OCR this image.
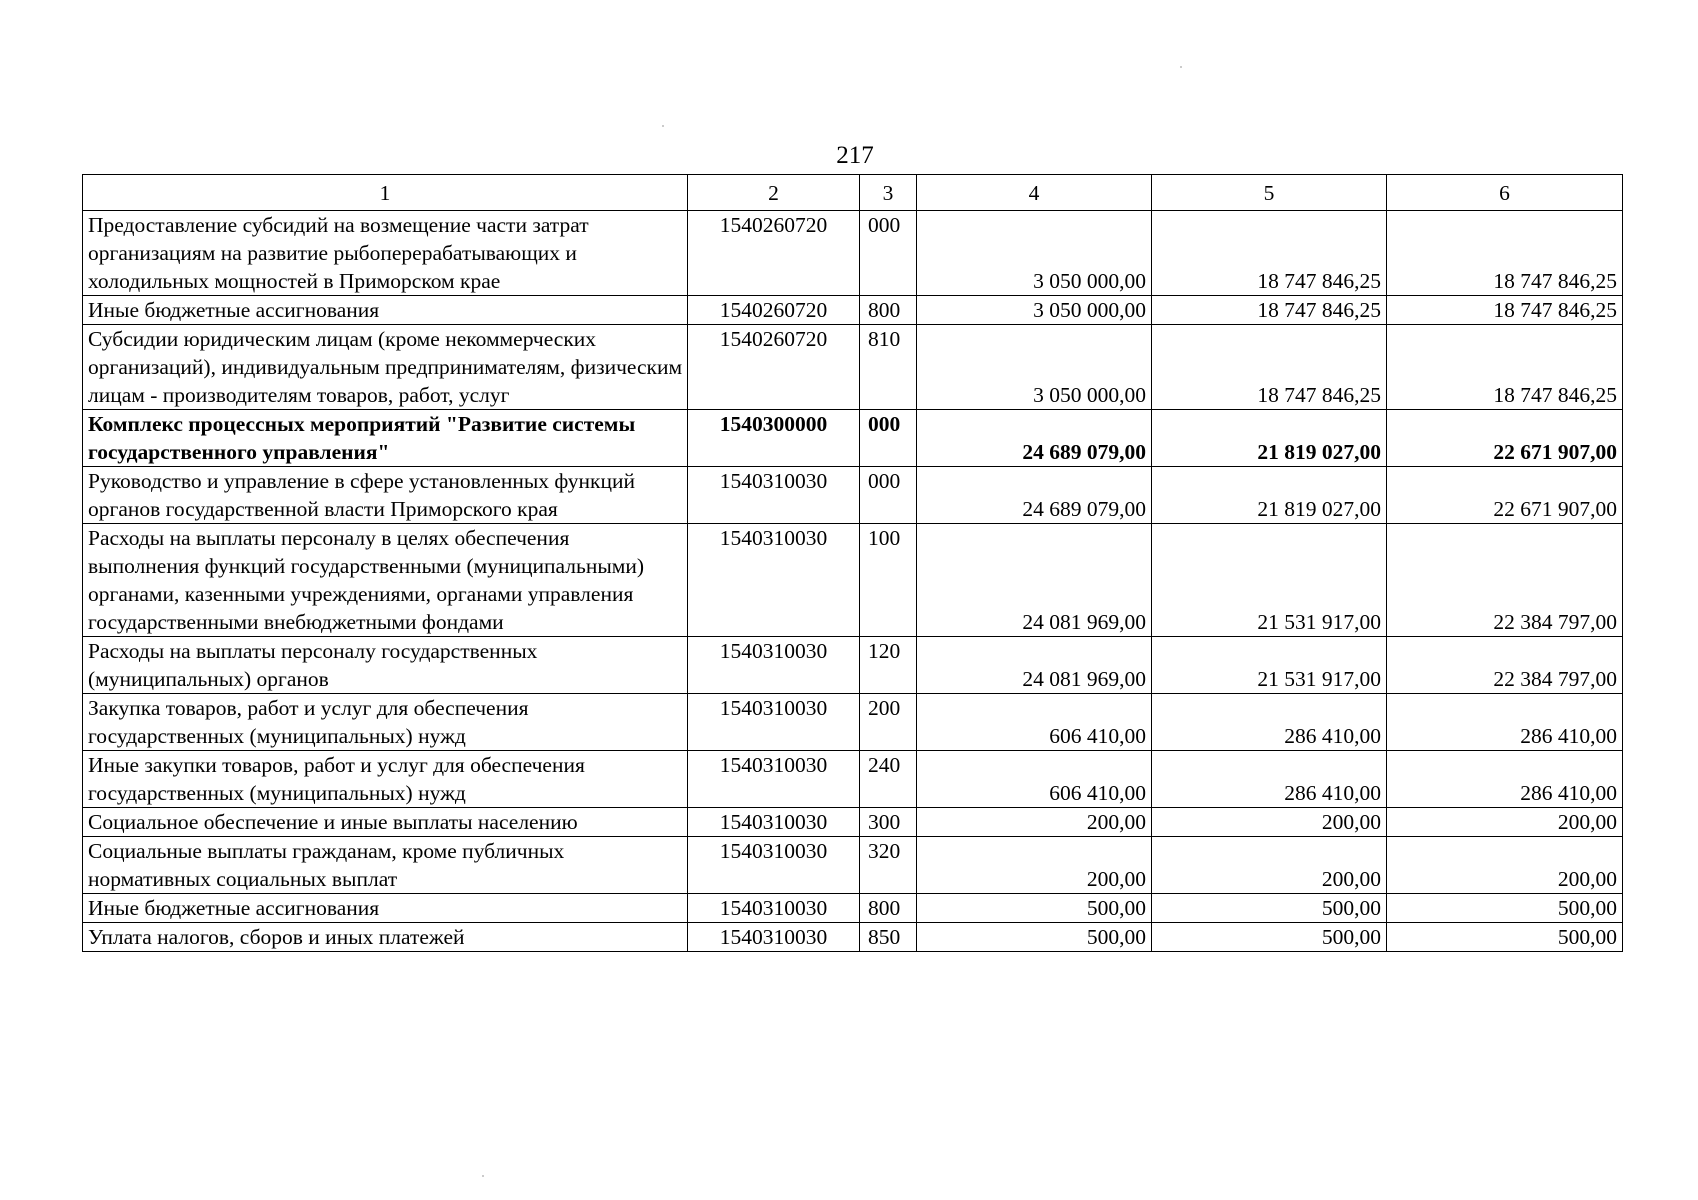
217
1	2	3	4	5	6
Предоставление субсидий на возмещение части затрат организациям на развитие рыбоперерабатывающих и холодильных мощностей в Приморском крае	1540260720	000	3 050 000,00	18 747 846,25	18 747 846,25
Иные бюджетные ассигнования	1540260720	800	3 050 000,00	18 747 846,25	18 747 846,25
Субсидии юридическим лицам (кроме некоммерческих организаций), индивидуальным предпринимателям, физическим лицам - производителям товаров, работ, услуг	1540260720	810	3 050 000,00	18 747 846,25	18 747 846,25
Комплекс процессных мероприятий "Развитие системы государственного управления"	1540300000	000	24 689 079,00	21 819 027,00	22 671 907,00
Руководство и управление в сфере установленных функций органов государственной власти Приморского края	1540310030	000	24 689 079,00	21 819 027,00	22 671 907,00
Расходы на выплаты персоналу в целях обеспечения выполнения функций государственными (муниципальными) органами, казенными учреждениями, органами управления государственными внебюджетными фондами	1540310030	100	24 081 969,00	21 531 917,00	22 384 797,00
Расходы на выплаты персоналу государственных (муниципальных) органов	1540310030	120	24 081 969,00	21 531 917,00	22 384 797,00
Закупка товаров, работ и услуг для обеспечения государственных (муниципальных) нужд	1540310030	200	606 410,00	286 410,00	286 410,00
Иные закупки товаров, работ и услуг для обеспечения государственных (муниципальных) нужд	1540310030	240	606 410,00	286 410,00	286 410,00
Социальное обеспечение и иные выплаты населению	1540310030	300	200,00	200,00	200,00
Социальные выплаты гражданам, кроме публичных нормативных социальных выплат	1540310030	320	200,00	200,00	200,00
Иные бюджетные ассигнования	1540310030	800	500,00	500,00	500,00
Уплата налогов, сборов и иных платежей	1540310030	850	500,00	500,00	500,00
